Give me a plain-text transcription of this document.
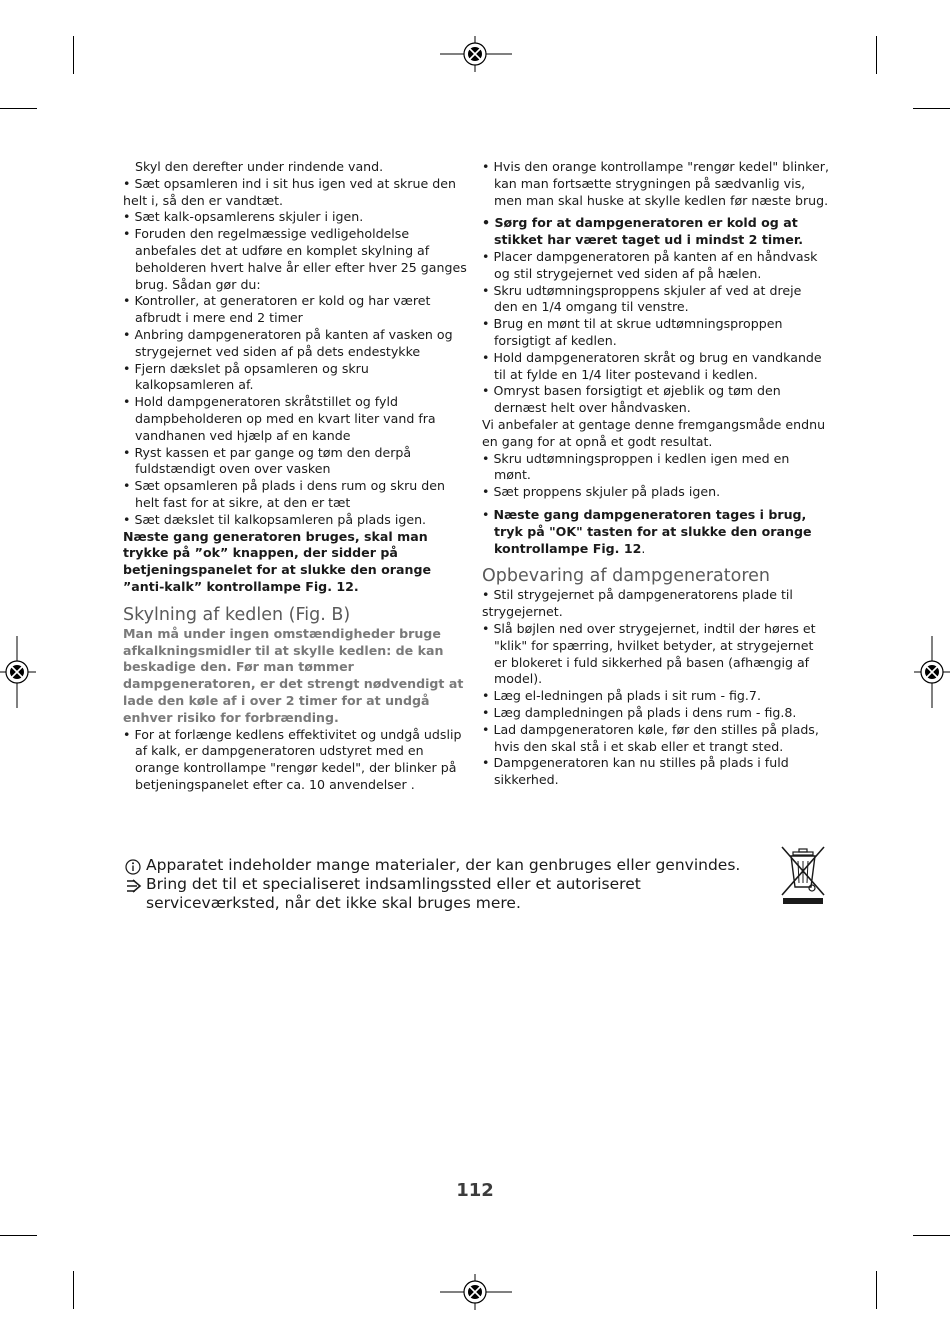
Skyl den derefter under rindende vand.

• Sæt opsamleren ind i sit hus igen ved at skrue den helt i, så den er vandtæt.

• Sæt kalk-opsamlerens skjuler i igen.

• Foruden den regelmæssige vedligeholdelse anbefales det at udføre en komplet skylning af beholderen hvert halve år eller efter hver 25 ganges brug. Sådan gør du:

• Kontroller, at generatoren er kold og har været afbrudt i mere end 2 timer

• Anbring dampgeneratoren på kanten af vasken og strygejernet ved siden af på dets endestykke

• Fjern dækslet på opsamleren og skru kalkopsamleren af.

• Hold dampgeneratoren skråtstillet og fyld dampbeholderen op med en kvart liter vand fra vandhanen ved hjælp af en kande

• Ryst kassen et par gange og tøm den derpå fuldstændigt oven over vasken

• Sæt opsamleren på plads i dens rum og skru den helt fast for at sikre, at den er tæt

• Sæt dækslet til kalkopsamleren på plads igen.

Næste gang generatoren bruges, skal man trykke på ”ok” knappen, der sidder på betjeningspanelet for at slukke den orange ”anti-kalk” kontrollampe Fig. 12.

Skylning af kedlen (Fig. B)

Man må under ingen omstændigheder bruge afkalkningsmidler til at skylle kedlen: de kan beskadige den. Før man tømmer dampgeneratoren, er det strengt nødvendigt at lade den køle af i over 2 timer for at undgå enhver risiko for forbrænding.

• For at forlænge kedlens effektivitet og undgå udslip af kalk, er dampgeneratoren udstyret med en orange kontrollampe "rengør kedel", der blinker på betjeningspanelet efter ca. 10 anvendelser .

• Hvis den orange kontrollampe "rengør kedel" blinker, kan man fortsætte strygningen på sædvanlig vis, men man skal huske at skylle kedlen før næste brug.

• Sørg for at dampgeneratoren er kold og at stikket har været taget ud i mindst 2 timer.

• Placer dampgeneratoren på kanten af en håndvask og stil strygejernet ved siden af på hælen.

• Skru udtømningsproppens skjuler af ved at dreje den en 1/4 omgang til venstre.

• Brug en mønt til at skrue udtømningsproppen forsigtigt af kedlen.

• Hold dampgeneratoren skråt og brug en vandkande til at fylde en 1/4 liter postevand i kedlen.

• Omryst basen forsigtigt et øjeblik og tøm den dernæst helt over håndvasken.

Vi anbefaler at gentage denne fremgangsmåde endnu en gang for at opnå et godt resultat.

• Skru udtømningsproppen i kedlen igen med en mønt.

• Sæt proppens skjuler på plads igen.

• Næste gang dampgeneratoren tages i brug, tryk på "OK" tasten for at slukke den orange kontrollampe Fig. 12.

Opbevaring af dampgeneratoren

• Stil strygejernet på dampgeneratorens plade til strygejernet.

• Slå bøjlen ned over strygejernet, indtil der høres et "klik" for spærring, hvilket betyder, at strygejernet er blokeret i fuld sikkerhed på basen (afhængig af model).

• Læg el-ledningen på plads i sit rum - fig.7.

• Læg dampledningen på plads i dens rum - fig.8.

• Lad dampgeneratoren køle, før den stilles på plads, hvis den skal stå i et skab eller et trangt sted.

• Dampgeneratoren kan nu stilles på plads i fuld sikkerhed.

Apparatet indeholder mange materialer, der kan genbruges eller genvindes.

Bring det til et specialiseret indsamlingssted eller et autoriseret serviceværksted, når det ikke skal bruges mere.

112
